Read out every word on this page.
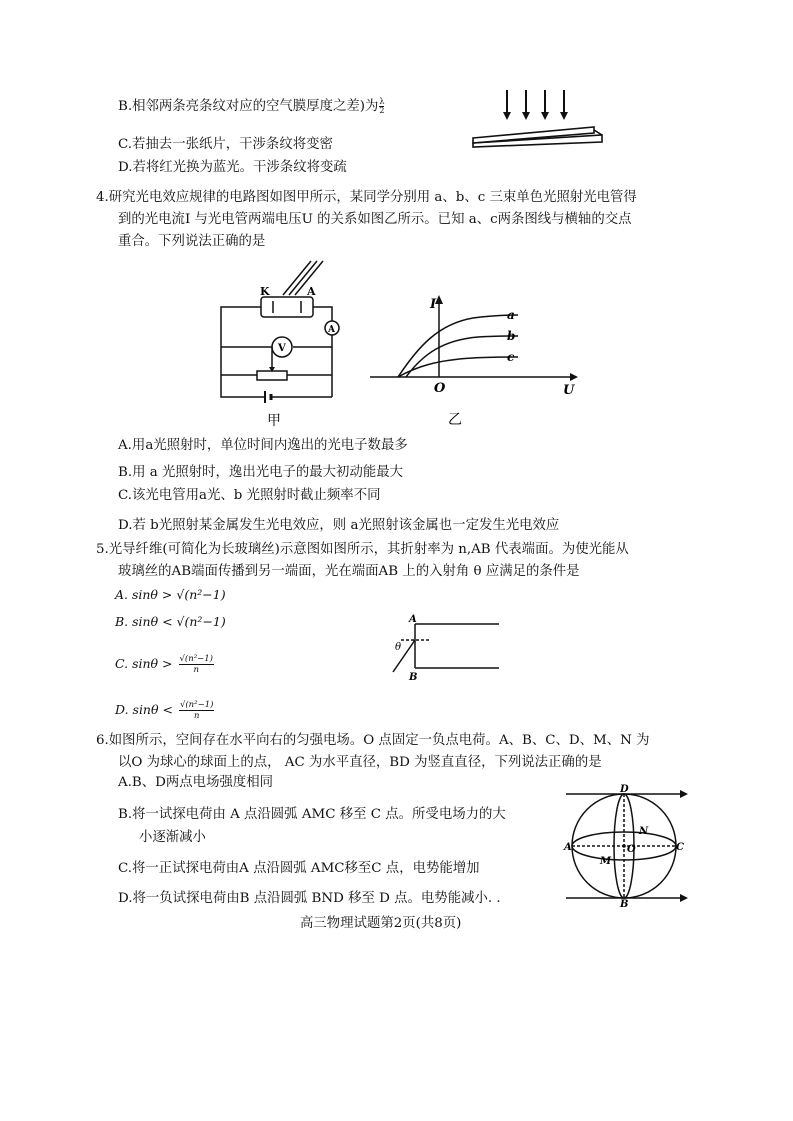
B.相邻两条亮条纹对应的空气膜厚度之差)为 $\frac{\lambda}{2}$
C.若抽去一张纸片，干涉条纹将变密
D.若将红光换为蓝光。干涉条纹将变疏
4.研究光电效应规律的电路图如图甲所示，某同学分别用 a、b、c 三束单色光照射光电管得
到的光电流I 与光电管两端电压U 的关系如图乙所示。已知 a、c两条图线与横轴的交点
重合。下列说法正确的是
K	A
A
V
甲
I
U
O
a
b
c
乙
A.用a光照射时，单位时间内逸出的光电子数最多
B.用 a 光照射时，逸出光电子的最大初动能最大
C.该光电管用a光、b 光照射时截止频率不同
D.若 b光照射某金属发生光电效应，则 a光照射该金属也一定发生光电效应
5.光导纤维(可简化为长玻璃丝)示意图如图所示，其折射率为 n,AB 代表端面。为使光能从
玻璃丝的AB端面传播到另一端面，光在端面AB 上的入射角 θ 应满足的条件是
A. sinθ > √(n²−1)
B. sinθ < √(n²−1)
C. $\sin\theta > \frac{\text{√(n²−1)}}{n}$
D. $\sin\theta < \frac{\text{√(n²−1)}}{n}$
A
B
θ
6.如图所示，空间存在水平向右的匀强电场。O 点固定一负点电荷。A、B、C、D、M、N 为
以O 为球心的球面上的点， AC 为水平直径，BD 为竖直直径，下列说法正确的是
A.B、D两点电场强度相同
B.将一试探电荷由 A 点沿圆弧 AMC 移至 C 点。所受电场力的大
小逐渐减小
C.将一正试探电荷由A 点沿圆弧 AMC移至C 点，电势能增加
D.将一负试探电荷由B 点沿圆弧 BND 移至 D 点。电势能减小. .
D
B
A	C
M
N
O
高三物理试题第2页(共8页)
